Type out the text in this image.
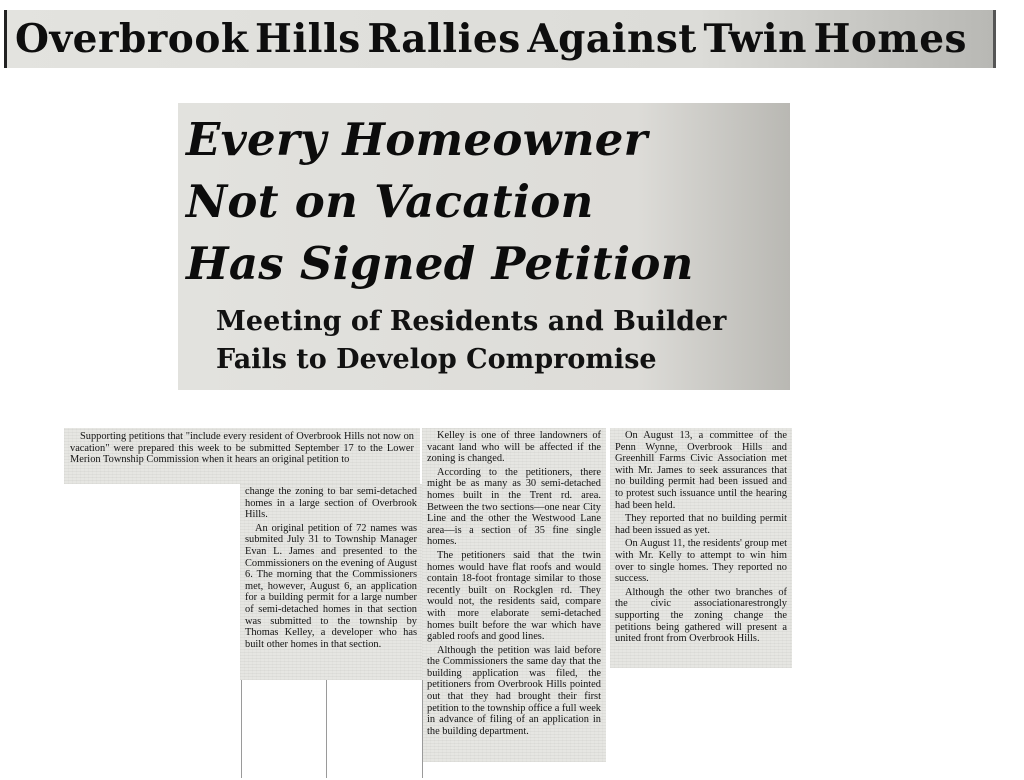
Overbrook Hills Rallies Against Twin Homes

Every Homeowner

Not on Vacation

Has Signed Petition

Meeting of Residents and Builder

Fails to Develop Compromise

Supporting petitions that "include every resident of Overbrook Hills not now on vacation" were prepared this week to be submitted September 17 to the Lower Merion Township Commission when it hears an original petition to

change the zoning to bar semi-detached homes in a large section of Overbrook Hills.

An original petition of 72 names was submited July 31 to Township Manager Evan L. James and presented to the Commissioners on the evening of August 6. The morning that the Commissioners met, however, August 6, an application for a building permit for a large number of semi-detached homes in that section was submitted to the township by Thomas Kelley, a developer who has built other homes in that section.

Kelley is one of three landowners of vacant land who will be affected if the zoning is changed.

According to the petitioners, there might be as many as 30 semi-detached homes built in the Trent rd. area. Between the two sections—one near City Line and the other the Westwood Lane area—is a section of 35 fine single homes.

The petitioners said that the twin homes would have flat roofs and would contain 18-foot frontage similar to those recently built on Rockglen rd. They would not, the residents said, compare with more elaborate semi-detached homes built before the war which have gabled roofs and good lines.

Although the petition was laid before the Commissioners the same day that the building application was filed, the petitioners from Overbrook Hills pointed out that they had brought their first petition to the township office a full week in advance of filing of an application in the building department.

On August 13, a committee of the Penn Wynne, Overbrook Hills and Greenhill Farms Civic Association met with Mr. James to seek assurances that no building permit had been issued and to protest such issuance until the hearing had been held.

They reported that no building permit had been issued as yet.

On August 11, the residents' group met with Mr. Kelly to attempt to win him over to single homes. They reported no success.

Although the other two branches of the civic associationarestrongly supporting the zoning change the petitions being gathered will present a united front from Overbrook Hills.
